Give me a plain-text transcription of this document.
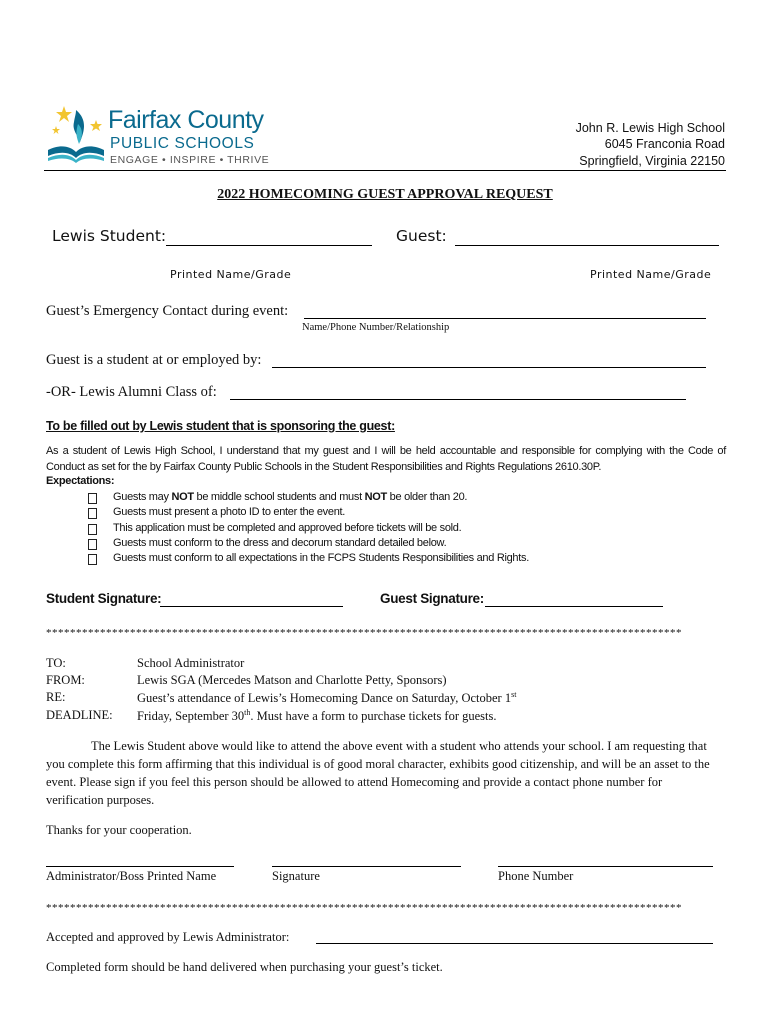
Fairfax County
PUBLIC SCHOOLS
ENGAGE • INSPIRE • THRIVE
John R. Lewis High School
6045 Franconia Road
Springfield, Virginia 22150
2022 HOMECOMING GUEST APPROVAL REQUEST
Lewis Student:	Guest:
Printed Name/Grade	Printed Name/Grade
Guest’s Emergency Contact during event:
Name/Phone Number/Relationship
Guest is a student at or employed by:
-OR- Lewis Alumni Class of:
To be filled out by Lewis student that is sponsoring the guest:
As a student of Lewis High School, I understand that my guest and I will be held accountable and responsible for complying with the Code of Conduct as set for the by Fairfax County Public Schools in the Student Responsibilities and Rights Regulations 2610.30P.
Expectations:
Guests may NOT be middle school students and must NOT be older than 20.
Guests must present a photo ID to enter the event.
This application must be completed and approved before tickets will be sold.
Guests must conform to the dress and decorum standard detailed below.
Guests must conform to all expectations in the FCPS Students Responsibilities and Rights.
Student Signature:	Guest Signature:
**********************************************************************************************************
TO:	School Administrator
FROM:	Lewis SGA (Mercedes Matson and Charlotte Petty, Sponsors)
RE:	Guest’s attendance of Lewis’s Homecoming Dance on Saturday, October 1st
DEADLINE: Friday, September 30th. Must have a form to purchase tickets for guests.
The Lewis Student above would like to attend the above event with a student who attends your school. I am requesting that you complete this form affirming that this individual is of good moral character, exhibits good citizenship, and will be an asset to the event. Please sign if you feel this person should be allowed to attend Homecoming and provide a contact phone number for verification purposes.
Thanks for your cooperation.
Administrator/Boss Printed Name	Signature	Phone Number
**********************************************************************************************************
Accepted and approved by Lewis Administrator:
Completed form should be hand delivered when purchasing your guest’s ticket.
